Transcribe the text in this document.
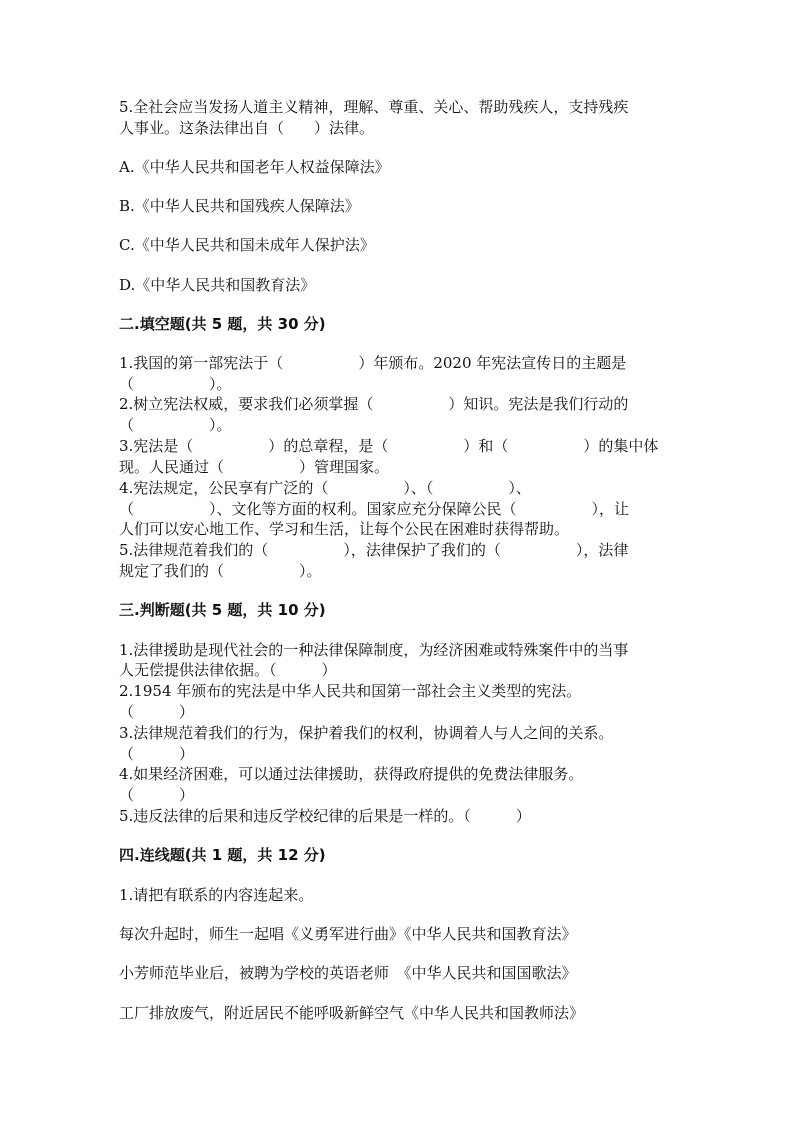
5.全社会应当发扬人道主义精神，理解、尊重、关心、帮助残疾人，支持残疾
人事业。这条法律出自（　　）法律。
A.《中华人民共和国老年人权益保障法》
B.《中华人民共和国残疾人保障法》
C.《中华人民共和国未成年人保护法》
D.《中华人民共和国教育法》
二.填空题(共 5 题，共 30 分)
1.我国的第一部宪法于（　　　　　）年颁布。2020 年宪法宣传日的主题是
（　　　　　）。
2.树立宪法权威，要求我们必须掌握（　　　　　）知识。宪法是我们行动的
（　　　　　）。
3.宪法是（　　　　　）的总章程，是（　　　　　）和（　　　　　）的集中体
现。人民通过（　　　　　）管理国家。
4.宪法规定，公民享有广泛的（　　　　　）、（　　　　　）、
（　　　　　）、文化等方面的权利。国家应充分保障公民（　　　　　），让
人们可以安心地工作、学习和生活，让每个公民在困难时获得帮助。
5.法律规范着我们的（　　　　　），法律保护了我们的（　　　　　），法律
规定了我们的（　　　　　）。
三.判断题(共 5 题，共 10 分)
1.法律援助是现代社会的一种法律保障制度，为经济困难或特殊案件中的当事
人无偿提供法律依据。（　　　）
2.1954 年颁布的宪法是中华人民共和国第一部社会主义类型的宪法。
（　　　）
3.法律规范着我们的行为，保护着我们的权利，协调着人与人之间的关系。
（　　　）
4.如果经济困难，可以通过法律援助，获得政府提供的免费法律服务。
（　　　）
5.违反法律的后果和违反学校纪律的后果是一样的。（　　　）
四.连线题(共 1 题，共 12 分)
1.请把有联系的内容连起来。
每次升起时，师生一起唱《义勇军进行曲》《中华人民共和国教育法》
小芳师范毕业后，被聘为学校的英语老师　《中华人民共和国国歌法》
工厂排放废气，附近居民不能呼吸新鲜空气《中华人民共和国教师法》
